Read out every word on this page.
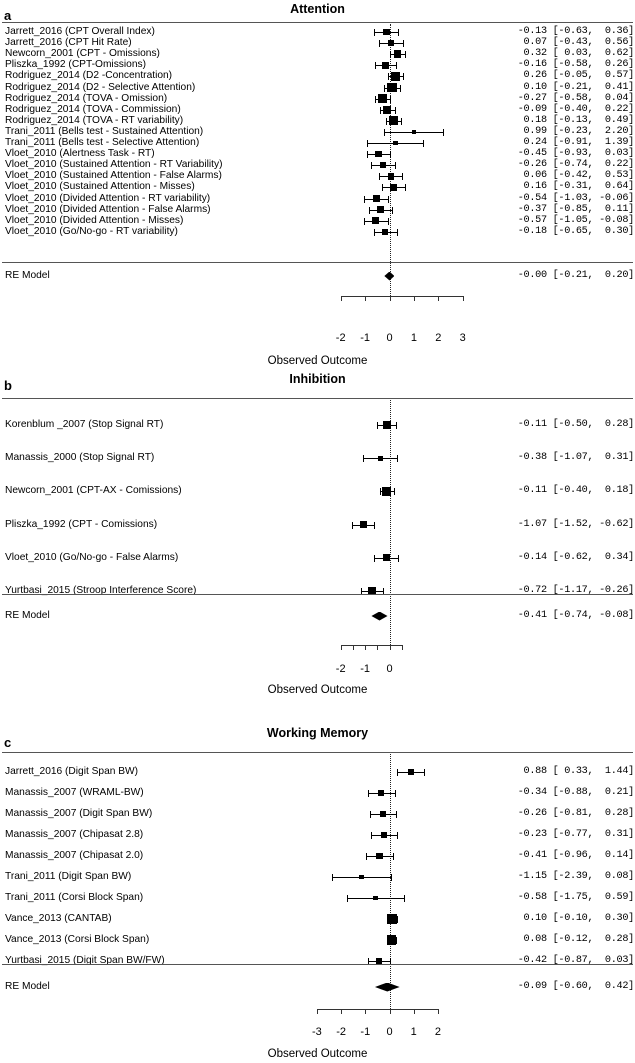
a	Attention
Jarrett_2016 (CPT Overall Index)	-0.13 [-0.63,  0.36]
Jarrett_2016 (CPT Hit Rate)	0.07 [-0.43,  0.56]
Newcorn_2001 (CPT - Omissions)	0.32 [ 0.03,  0.62]
Pliszka_1992 (CPT-Omissions)	-0.16 [-0.58,  0.26]
Rodriguez_2014 (D2 -Concentration)	0.26 [-0.05,  0.57]
Rodriguez_2014 (D2 - Selective Attention)	0.10 [-0.21,  0.41]
Rodriguez_2014 (TOVA - Omission)	-0.27 [-0.58,  0.04]
Rodriguez_2014 (TOVA - Commission)	-0.09 [-0.40,  0.22]
Rodriguez_2014 (TOVA - RT variability)	0.18 [-0.13,  0.49]
Trani_2011 (Bells test - Sustained Attention)	0.99 [-0.23,  2.20]
Trani_2011 (Bells test - Selective Attention)	0.24 [-0.91,  1.39]
Vloet_2010 (Alertness Task - RT)	-0.45 [-0.93,  0.03]
Vloet_2010 (Sustained Attention - RT Variability)	-0.26 [-0.74,  0.22]
Vloet_2010 (Sustained Attention - False Alarms)	0.06 [-0.42,  0.53]
Vloet_2010 (Sustained Attention - Misses)	0.16 [-0.31,  0.64]
Vloet_2010 (Divided Attention - RT variability)	-0.54 [-1.03, -0.06]
Vloet_2010 (Divided Attention - False Alarms)	-0.37 [-0.85,  0.11]
Vloet_2010 (Divided Attention - Misses)	-0.57 [-1.05, -0.08]
Vloet_2010 (Go/No-go - RT variability)	-0.18 [-0.65,  0.30]
RE Model	-0.00 [-0.21,  0.20]
-2	-1	0	1	2	3
Observed Outcome
b	Inhibition
Korenblum _2007 (Stop Signal RT)	-0.11 [-0.50,  0.28]
Manassis_2000 (Stop Signal RT)	-0.38 [-1.07,  0.31]
Newcorn_2001 (CPT-AX - Comissions)	-0.11 [-0.40,  0.18]
Pliszka_1992 (CPT - Comissions)	-1.07 [-1.52, -0.62]
Vloet_2010 (Go/No-go - False Alarms)	-0.14 [-0.62,  0.34]
Yurtbasi_2015 (Stroop Interference Score)	-0.72 [-1.17, -0.26]
RE Model	-0.41 [-0.74, -0.08]
-2	-1	0
Observed Outcome
c
Working Memory
Jarrett_2016 (Digit Span BW)	0.88 [ 0.33,  1.44]
Manassis_2007 (WRAML-BW)	-0.34 [-0.88,  0.21]
Manassis_2007 (Digit Span BW)	-0.26 [-0.81,  0.28]
Manassis_2007 (Chipasat 2.8)	-0.23 [-0.77,  0.31]
Manassis_2007 (Chipasat 2.0)	-0.41 [-0.96,  0.14]
Trani_2011 (Digit Span BW)	-1.15 [-2.39,  0.08]
Trani_2011 (Corsi Block Span)	-0.58 [-1.75,  0.59]
Vance_2013 (CANTAB)	0.10 [-0.10,  0.30]
Vance_2013 (Corsi Block Span)	0.08 [-0.12,  0.28]
Yurtbasi_2015 (Digit Span BW/FW)	-0.42 [-0.87,  0.03]
RE Model	-0.09 [-0.60,  0.42]
-3	-2	-1	0	1	2
Observed Outcome
